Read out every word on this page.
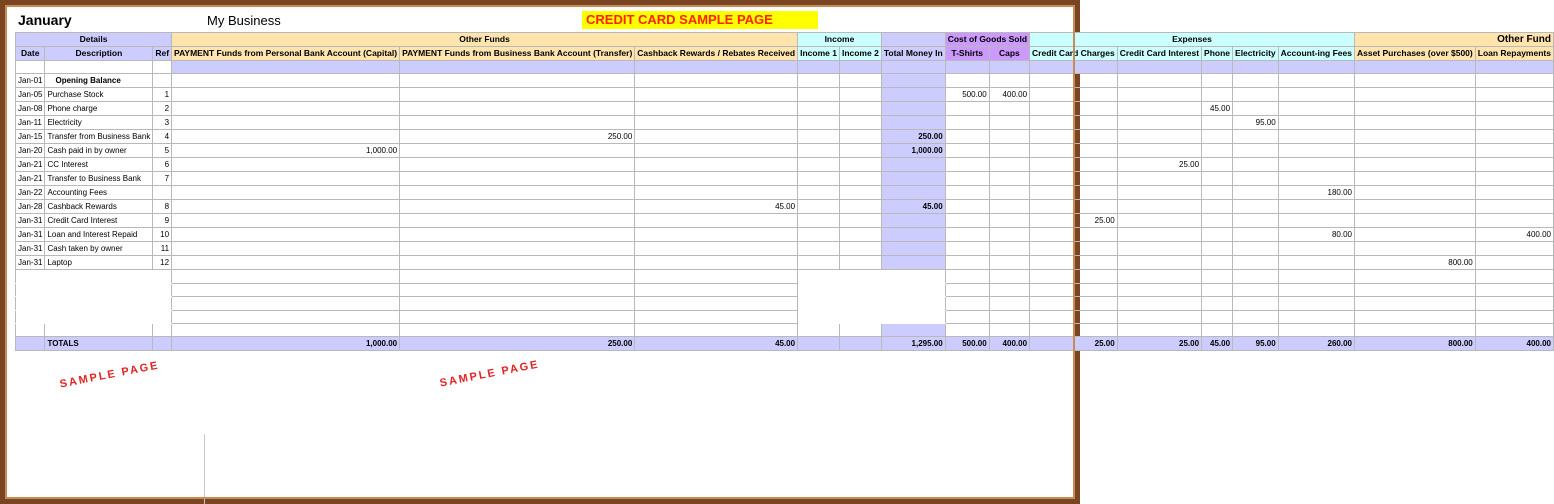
January	My Business	CREDIT CARD SAMPLE PAGE
Details			Other Funds			Income			Cost of Goods Sold		Expenses					Other Fund	
Date	Description	Ref	PAYMENT Funds from Personal Bank Account (Capital)	PAYMENT Funds from Business Bank Account (Transfer)	Cashback Rewards / Rebates Received	Income 1	Income 2	Total Money In	T-Shirts	Caps	Credit Card Charges	Credit Card Interest	Phone	Electricity	Account-ing Fees	Asset Purchases (over $500)	Loan Repayments

Jan-01	Opening Balance																
Jan-05	Purchase Stock	1							500.00	400.00							
Jan-08	Phone charge	2											45.00				
Jan-11	Electricity	3												95.00			
Jan-15	Transfer from Business Bank	4		250.00				250.00									
Jan-20	Cash paid in by owner	5	1,000.00					1,000.00									
Jan-21	CC Interest	6										25.00					
Jan-21	Transfer to Business Bank	7															
Jan-22	Accounting Fees														180.00		
Jan-28	Cashback Rewards	8			45.00			45.00									
Jan-31	Credit Card Interest	9									25.00						
Jan-31	Loan and Interest Repaid	10													80.00		400.00
Jan-31	Cash taken by owner	11															
Jan-31	Laptop	12														800.00	

	TOTALS		1,000.00	250.00	45.00			1,295.00	500.00	400.00	25.00	25.00	45.00	95.00	260.00	800.00	400.00
SAMPLE PAGE	SAMPLE PAGE
